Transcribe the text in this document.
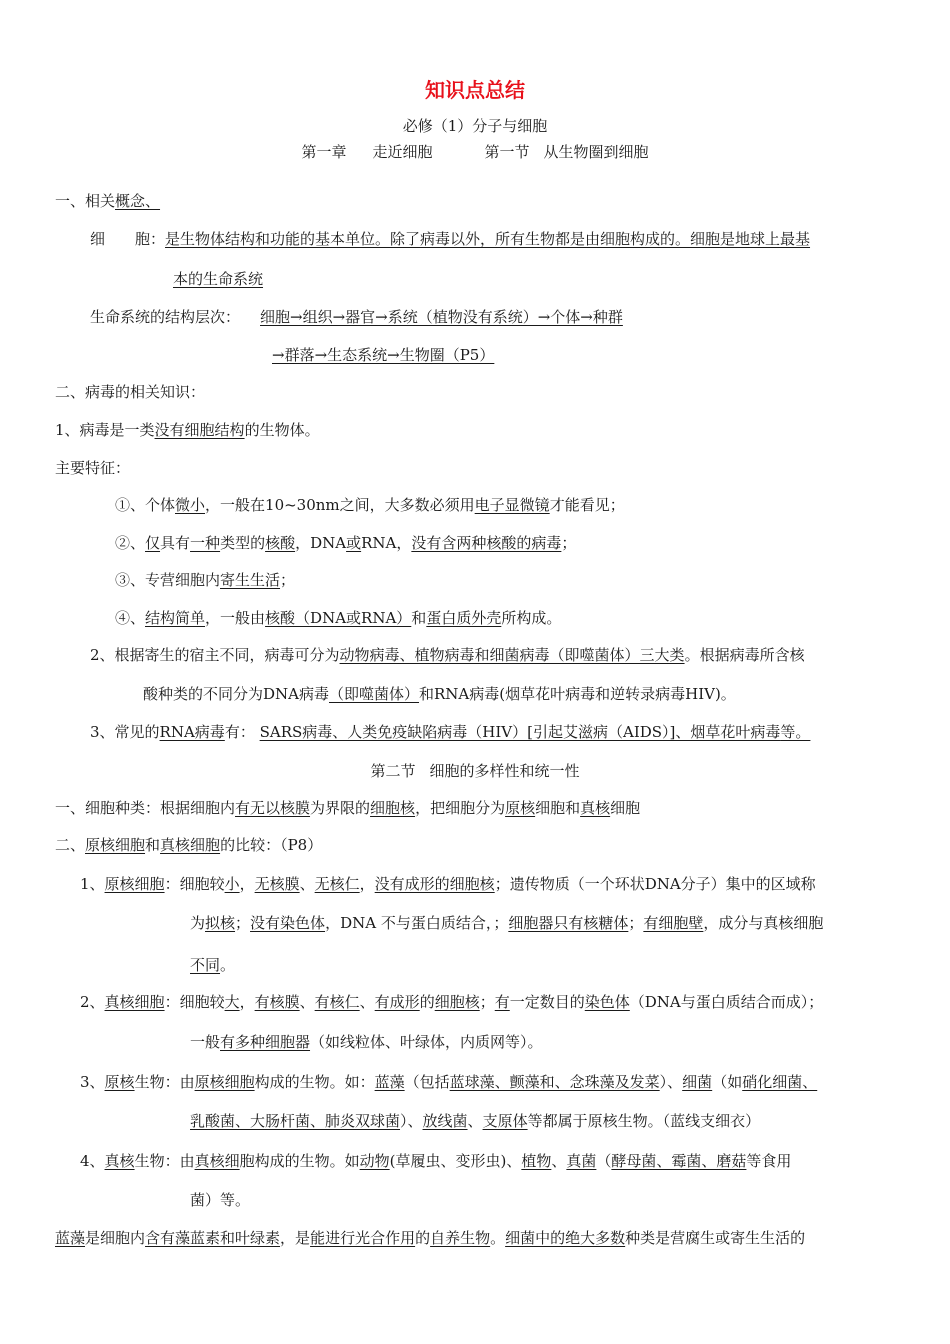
知识点总结
必修（1）分子与细胞
第一章 走近细胞	第一节 从生物圈到细胞
一、相关概念、
细　　胞：是生物体结构和功能的基本单位。除了病毒以外，所有生物都是由细胞构成的。细胞是地球上最基
本的生命系统
生命系统的结构层次： 细胞→组织→器官→系统（植物没有系统）→个体→种群
→群落→生态系统→生物圈（P5）
二、病毒的相关知识：
1、病毒是一类没有细胞结构的生物体。
主要特征：
①、个体微小，一般在10~30nm之间，大多数必须用电子显微镜才能看见；
②、仅具有一种类型的核酸，DNA或RNA，没有含两种核酸的病毒；
③、专营细胞内寄生生活；
④、结构简单，一般由核酸（DNA或RNA）和蛋白质外壳所构成。
2、根据寄生的宿主不同，病毒可分为动物病毒、植物病毒和细菌病毒（即噬菌体）三大类。根据病毒所含核
酸种类的不同分为DNA病毒（即噬菌体）和RNA病毒(烟草花叶病毒和逆转录病毒HIV)。
3、常见的RNA病毒有： SARS病毒、人类免疫缺陷病毒（HIV）[引起艾滋病（AIDS）]、烟草花叶病毒等。
第二节 细胞的多样性和统一性
一、细胞种类：根据细胞内有无以核膜为界限的细胞核，把细胞分为原核细胞和真核细胞
二、原核细胞和真核细胞的比较：（P8）
1、原核细胞：细胞较小，无核膜、无核仁，没有成形的细胞核；遗传物质（一个环状DNA分子）集中的区域称
为拟核；没有染色体，DNA 不与蛋白质结合，；细胞器只有核糖体；有细胞壁，成分与真核细胞
不同。
2、真核细胞：细胞较大，有核膜、有核仁、有成形的细胞核；有一定数目的染色体（DNA与蛋白质结合而成）；
一般有多种细胞器（如线粒体、叶绿体，内质网等）。
3、原核生物：由原核细胞构成的生物。如：蓝藻（包括蓝球藻、颤藻和、念珠藻及发菜）、细菌（如硝化细菌、
乳酸菌、大肠杆菌、肺炎双球菌）、放线菌、支原体等都属于原核生物。（蓝线支细衣）
4、真核生物：由真核细胞构成的生物。如动物(草履虫、变形虫)、植物、真菌（酵母菌、霉菌、磨菇等食用
菌）等。
蓝藻是细胞内含有藻蓝素和叶绿素，是能进行光合作用的自养生物。细菌中的绝大多数种类是营腐生或寄生生活的
